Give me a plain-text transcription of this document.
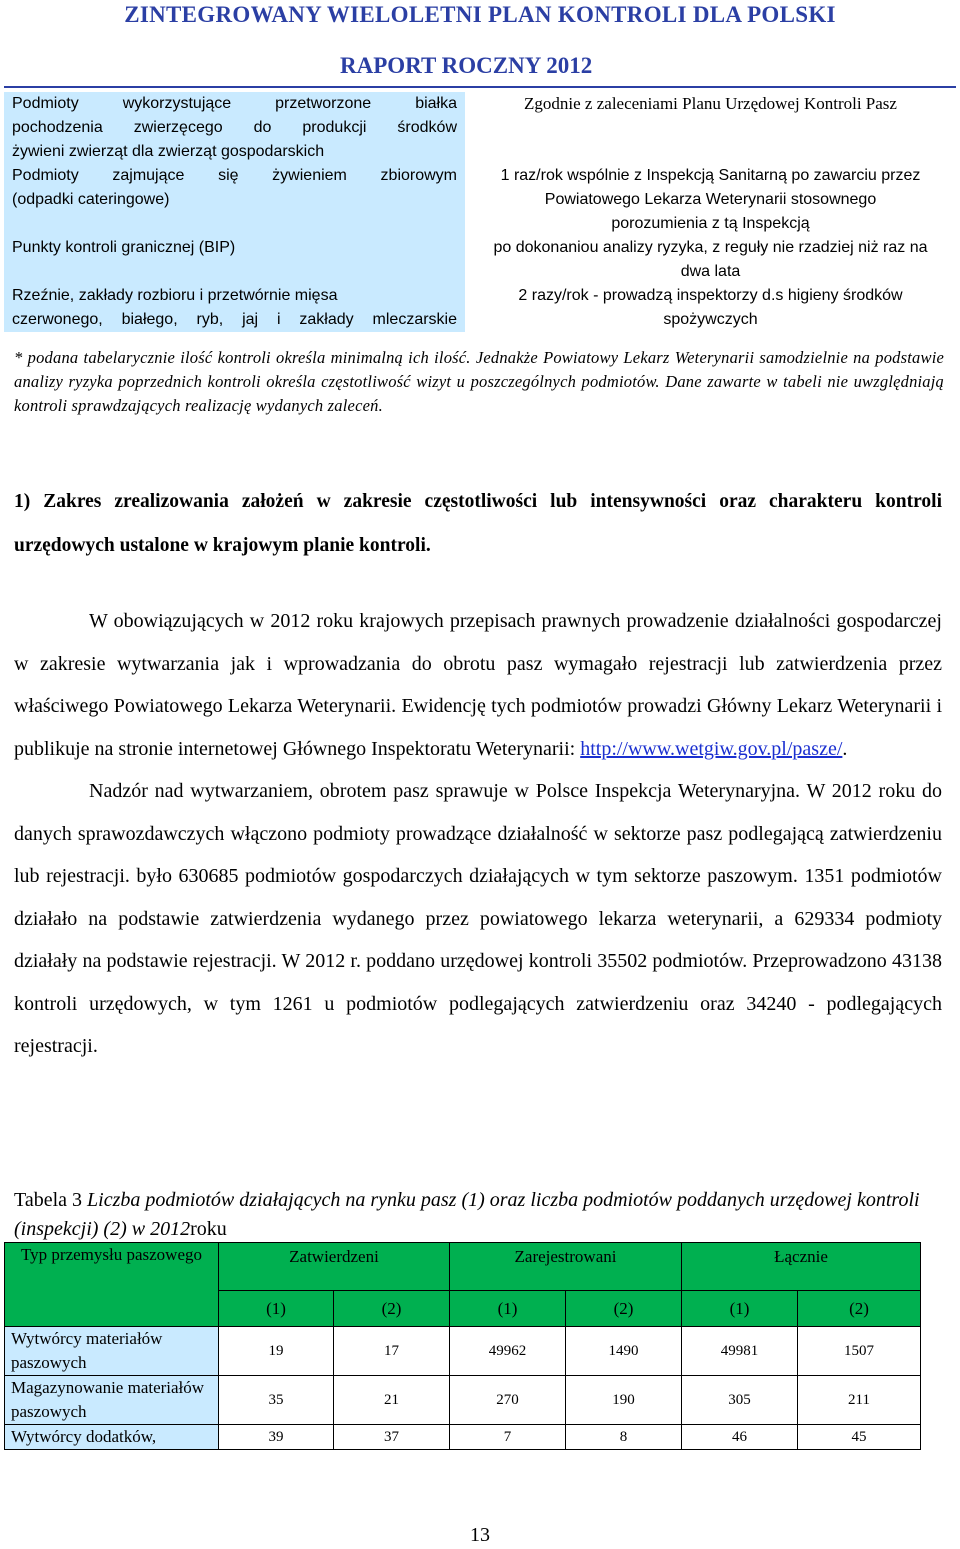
ZINTEGROWANY WIELOLETNI PLAN KONTROLI DLA POLSKI
RAPORT ROCZNY 2012
Podmioty wykorzystujące przetworzone białka
pochodzenia zwierzęcego do produkcji środków
żywieni zwierząt dla zwierząt gospodarskich	Zgodnie z zaleceniami Planu Urzędowej Kontroli Pasz

Podmioty zajmujące się żywieniem zbiorowym
(odpadki cateringowe)	1 raz/rok wspólnie z Inspekcją Sanitarną po zawarciu przez Powiatowego Lekarza Weterynarii stosownego porozumienia z tą Inspekcją

Punkty kontroli granicznej (BIP)	po dokonaniou analizy ryzyka, z reguły nie rzadziej niż raz na dwa lata

Rzeźnie, zakłady rozbioru i przetwórnie mięsa
czerwonego, białego, ryb, jaj i zakłady mleczarskie	2 razy/rok - prowadzą inspektorzy d.s higieny środków spożywczych
* podana tabelarycznie ilość kontroli określa minimalną ich ilość. Jednakże Powiatowy Lekarz Weterynarii samodzielnie na podstawie analizy ryzyka poprzednich kontroli określa częstotliwość wizyt u poszczególnych podmiotów. Dane zawarte w tabeli nie uwzględniają kontroli sprawdzających realizację wydanych zaleceń.
1) Zakres zrealizowania założeń w zakresie częstotliwości lub intensywności oraz charakteru kontroli urzędowych ustalone w krajowym planie kontroli.

W obowiązujących w 2012 roku krajowych przepisach prawnych prowadzenie działalności gospodarczej w zakresie wytwarzania jak i wprowadzania do obrotu pasz wymagało rejestracji lub zatwierdzenia przez właściwego Powiatowego Lekarza Weterynarii. Ewidencję tych podmiotów prowadzi Główny Lekarz Weterynarii i publikuje na stronie internetowej Głównego Inspektoratu Weterynarii: http://www.wetgiw.gov.pl/pasze/.

Nadzór nad wytwarzaniem, obrotem pasz sprawuje w Polsce Inspekcja Weterynaryjna. W 2012 roku do danych sprawozdawczych włączono podmioty prowadzące działalność w sektorze pasz podlegającą zatwierdzeniu lub rejestracji. było 630685 podmiotów gospodarczych działających w tym sektorze paszowym. 1351 podmiotów działało na podstawie zatwierdzenia wydanego przez powiatowego lekarza weterynarii, a 629334 podmioty działały na podstawie rejestracji. W 2012 r. poddano urzędowej kontroli 35502 podmiotów. Przeprowadzono 43138 kontroli urzędowych, w tym 1261 u podmiotów podlegających zatwierdzeniu oraz 34240 - podlegających rejestracji.

Tabela 3 Liczba podmiotów działających na rynku pasz (1) oraz liczba podmiotów poddanych urzędowej kontroli (inspekcji) (2) w 2012roku
Typ przemysłu paszowego	Zatwierdzeni		Zarejestrowani		Łącznie	
	(1)	(2)	(1)	(2)	(1)	(2)
Wytwórcy materiałów paszowych	19	17	49962	1490	49981	1507
Magazynowanie materiałów paszowych	35	21	270	190	305	211
Wytwórcy dodatków,	39	37	7	8	46	45
13
